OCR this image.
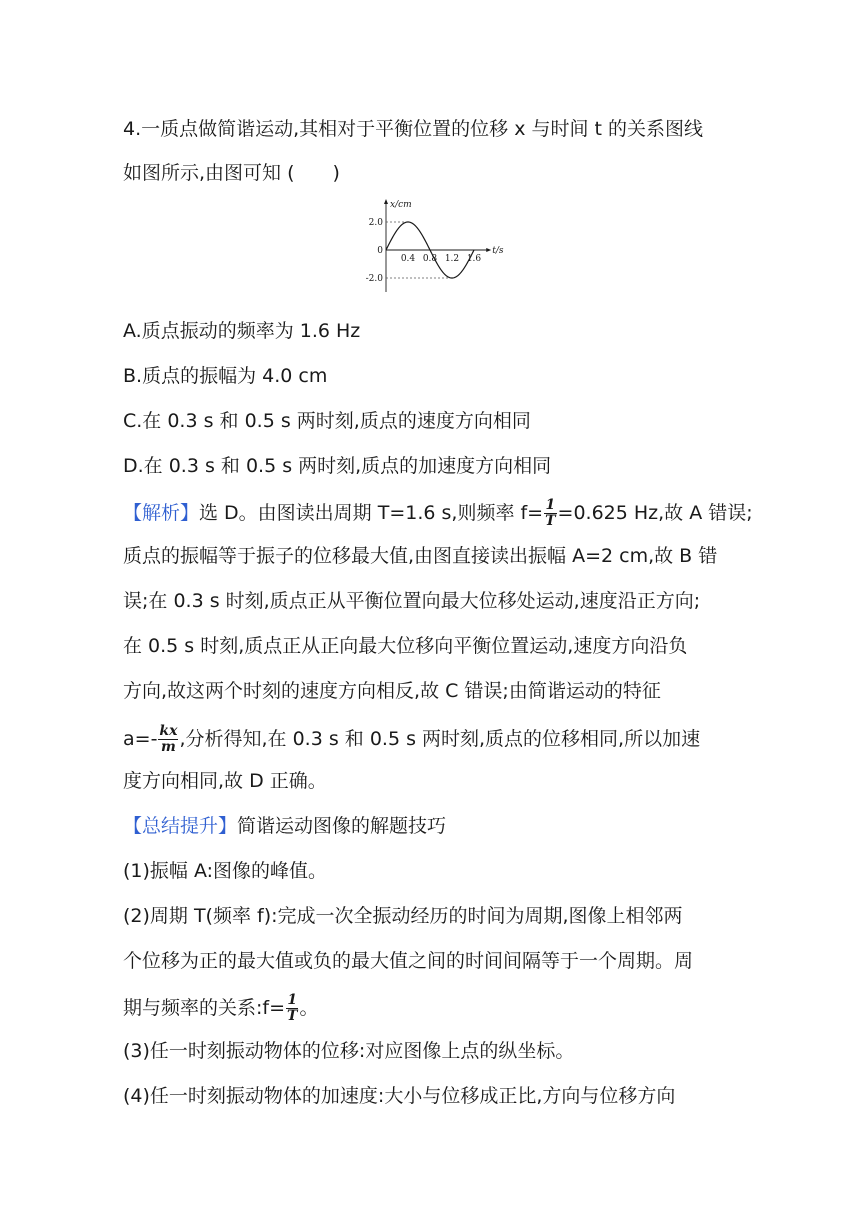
4.一质点做简谐运动,其相对于平衡位置的位移 x 与时间 t 的关系图线
如图所示,由图可知 (　　)
0.4 0.8 1.2 1.6
2.0
0
-2.0
x/cm
t/s
A.质点振动的频率为 1.6 Hz
B.质点的振幅为 4.0 cm
C.在 0.3 s 和 0.5 s 两时刻,质点的速度方向相同
D.在 0.3 s 和 0.5 s 两时刻,质点的加速度方向相同
【解析】选 D。由图读出周期 T=1.6 s,则频率 $f= \frac{1}{T} =0.625$ Hz,故 A 错误;
质点的振幅等于振子的位移最大值,由图直接读出振幅 A=2 cm,故 B 错
误;在 0.3 s 时刻,质点正从平衡位置向最大位移处运动,速度沿正方向;
在 0.5 s 时刻,质点正从正向最大位移向平衡位置运动,速度方向沿负
方向,故这两个时刻的速度方向相反,故 C 错误;由简谐运动的特征
$a=- \frac{kx}{m}$ ,分析得知,在 0.3 s 和 0.5 s 两时刻,质点的位移相同,所以加速
度方向相同,故 D 正确。
【总结提升】简谐运动图像的解题技巧
(1)振幅 A:图像的峰值。
(2)周期 T(频率 f):完成一次全振动经历的时间为周期,图像上相邻两
个位移为正的最大值或负的最大值之间的时间间隔等于一个周期。周
期与频率的关系:f= $\frac{1}{T}$ 。
(3)任一时刻振动物体的位移:对应图像上点的纵坐标。
(4)任一时刻振动物体的加速度:大小与位移成正比,方向与位移方向
